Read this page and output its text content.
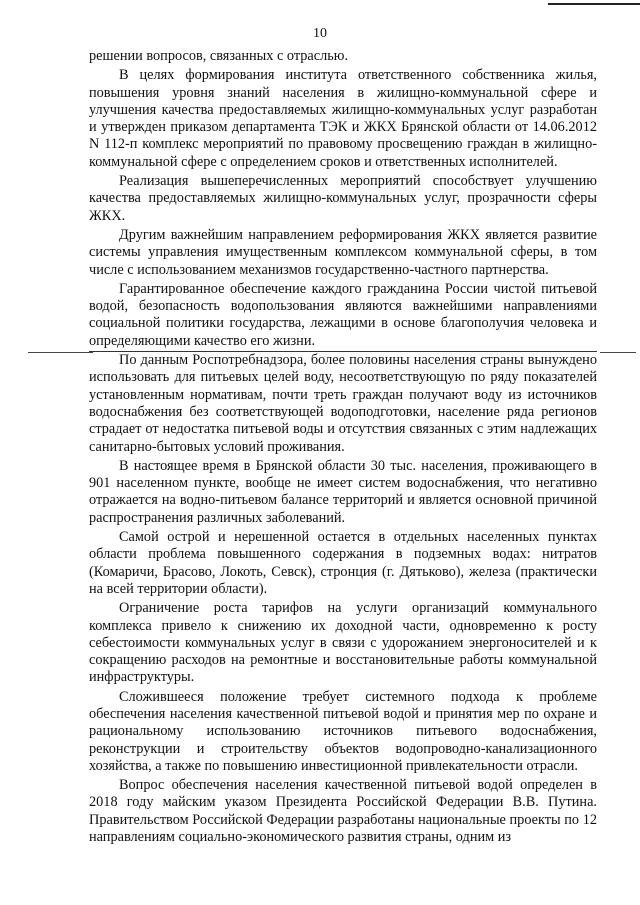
10

решении вопросов, связанных с отраслью.

В целях формирования института ответственного собственника жилья, повышения уровня знаний населения в жилищно-коммунальной сфере и улучшения качества предоставляемых жилищно-коммунальных услуг разработан и утвержден приказом департамента ТЭК и ЖКХ Брянской области от 14.06.2012 N 112-п комплекс мероприятий по правовому просвещению граждан в жилищно-коммунальной сфере с определением сроков и ответственных исполнителей.

Реализация вышеперечисленных мероприятий способствует улучшению качества предоставляемых жилищно-коммунальных услуг, прозрачности сферы ЖКХ.

Другим важнейшим направлением реформирования ЖКХ является развитие системы управления имущественным комплексом коммунальной сферы, в том числе с использованием механизмов государственно-частного партнерства.

Гарантированное обеспечение каждого гражданина России чистой питьевой водой, безопасность водопользования являются важнейшими направлениями социальной политики государства, лежащими в основе благополучия человека и определяющими качество его жизни.

По данным Роспотребнадзора, более половины населения страны вынуждено использовать для питьевых целей воду, несоответствующую по ряду показателей установленным нормативам, почти треть граждан получают воду из источников водоснабжения без соответствующей водоподготовки, население ряда регионов страдает от недостатка питьевой воды и отсутствия связанных с этим надлежащих санитарно-бытовых условий проживания.

В настоящее время в Брянской области 30 тыс. населения, проживающего в 901 населенном пункте, вообще не имеет систем водоснабжения, что негативно отражается на водно-питьевом балансе территорий и является основной причиной распространения различных заболеваний.

Самой острой и нерешенной остается в отдельных населенных пунктах области проблема повышенного содержания в подземных водах: нитратов (Комаричи, Брасово, Локоть, Севск), стронция (г. Дятьково), железа (практически на всей территории области).

Ограничение роста тарифов на услуги организаций коммунального комплекса привело к снижению их доходной части, одновременно к росту себестоимости коммунальных услуг в связи с удорожанием энергоносителей и к сокращению расходов на ремонтные и восстановительные работы коммунальной инфраструктуры.

Сложившееся положение требует системного подхода к проблеме обеспечения населения качественной питьевой водой и принятия мер по охране и рациональному использованию источников питьевого водоснабжения, реконструкции и строительству объектов водопроводно-канализационного хозяйства, а также по повышению инвестиционной привлекательности отрасли.

Вопрос обеспечения населения качественной питьевой водой определен в 2018 году майским указом Президента Российской Федерации В.В. Путина. Правительством Российской Федерации разработаны национальные проекты по 12 направлениям социально-экономического развития страны, одним из
